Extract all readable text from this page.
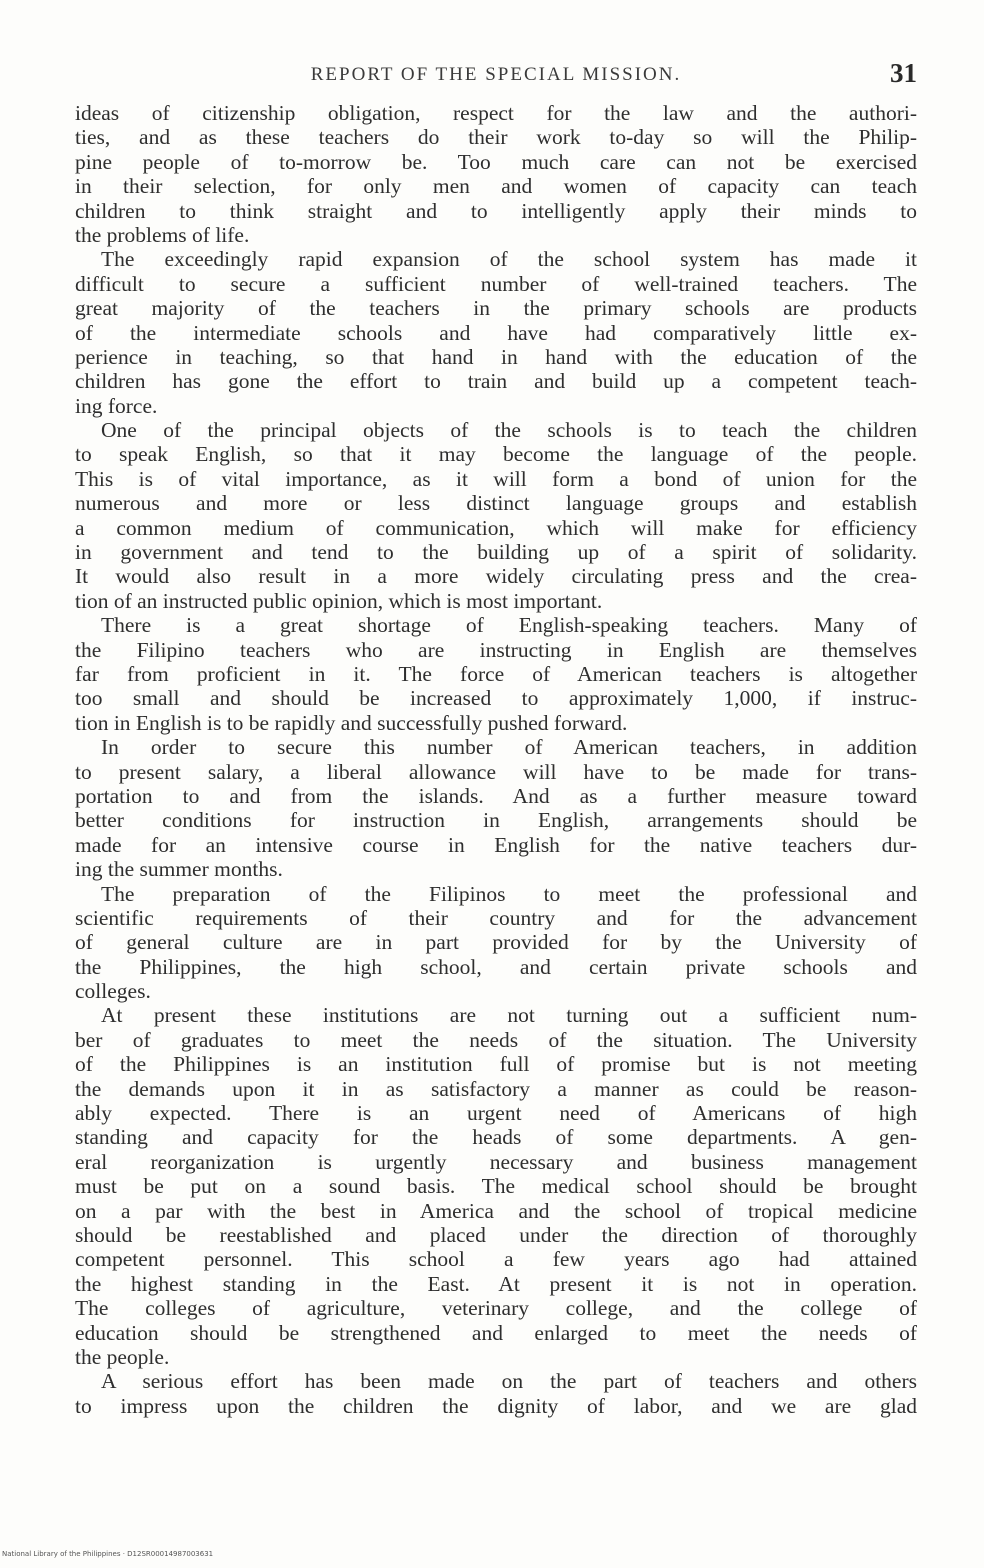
REPORT OF THE SPECIAL MISSION.	31
ideas of citizenship obligation, respect for the law and the authori-
ties, and as these teachers do their work to-day so will the Philip-
pine people of to-morrow be. Too much care can not be exercised
in their selection, for only men and women of capacity can teach
children to think straight and to intelligently apply their minds to
the problems of life.
The exceedingly rapid expansion of the school system has made it
difficult to secure a sufficient number of well-trained teachers. The
great majority of the teachers in the primary schools are products
of the intermediate schools and have had comparatively little ex-
perience in teaching, so that hand in hand with the education of the
children has gone the effort to train and build up a competent teach-
ing force.
One of the principal objects of the schools is to teach the children
to speak English, so that it may become the language of the people.
This is of vital importance, as it will form a bond of union for the
numerous and more or less distinct language groups and establish
a common medium of communication, which will make for efficiency
in government and tend to the building up of a spirit of solidarity.
It would also result in a more widely circulating press and the crea-
tion of an instructed public opinion, which is most important.
There is a great shortage of English-speaking teachers. Many of
the Filipino teachers who are instructing in English are themselves
far from proficient in it. The force of American teachers is altogether
too small and should be increased to approximately 1,000, if instruc-
tion in English is to be rapidly and successfully pushed forward.
In order to secure this number of American teachers, in addition
to present salary, a liberal allowance will have to be made for trans-
portation to and from the islands. And as a further measure toward
better conditions for instruction in English, arrangements should be
made for an intensive course in English for the native teachers dur-
ing the summer months.
The preparation of the Filipinos to meet the professional and
scientific requirements of their country and for the advancement
of general culture are in part provided for by the University of
the Philippines, the high school, and certain private schools and
colleges.
At present these institutions are not turning out a sufficient num-
ber of graduates to meet the needs of the situation. The University
of the Philippines is an institution full of promise but is not meeting
the demands upon it in as satisfactory a manner as could be reason-
ably expected. There is an urgent need of Americans of high
standing and capacity for the heads of some departments. A gen-
eral reorganization is urgently necessary and business management
must be put on a sound basis. The medical school should be brought
on a par with the best in America and the school of tropical medicine
should be reestablished and placed under the direction of thoroughly
competent personnel. This school a few years ago had attained
the highest standing in the East. At present it is not in operation.
The colleges of agriculture, veterinary college, and the college of
education should be strengthened and enlarged to meet the needs of
the people.
A serious effort has been made on the part of teachers and others
to impress upon the children the dignity of labor, and we are glad
National Library of the Philippines · D12SR00014987003631
